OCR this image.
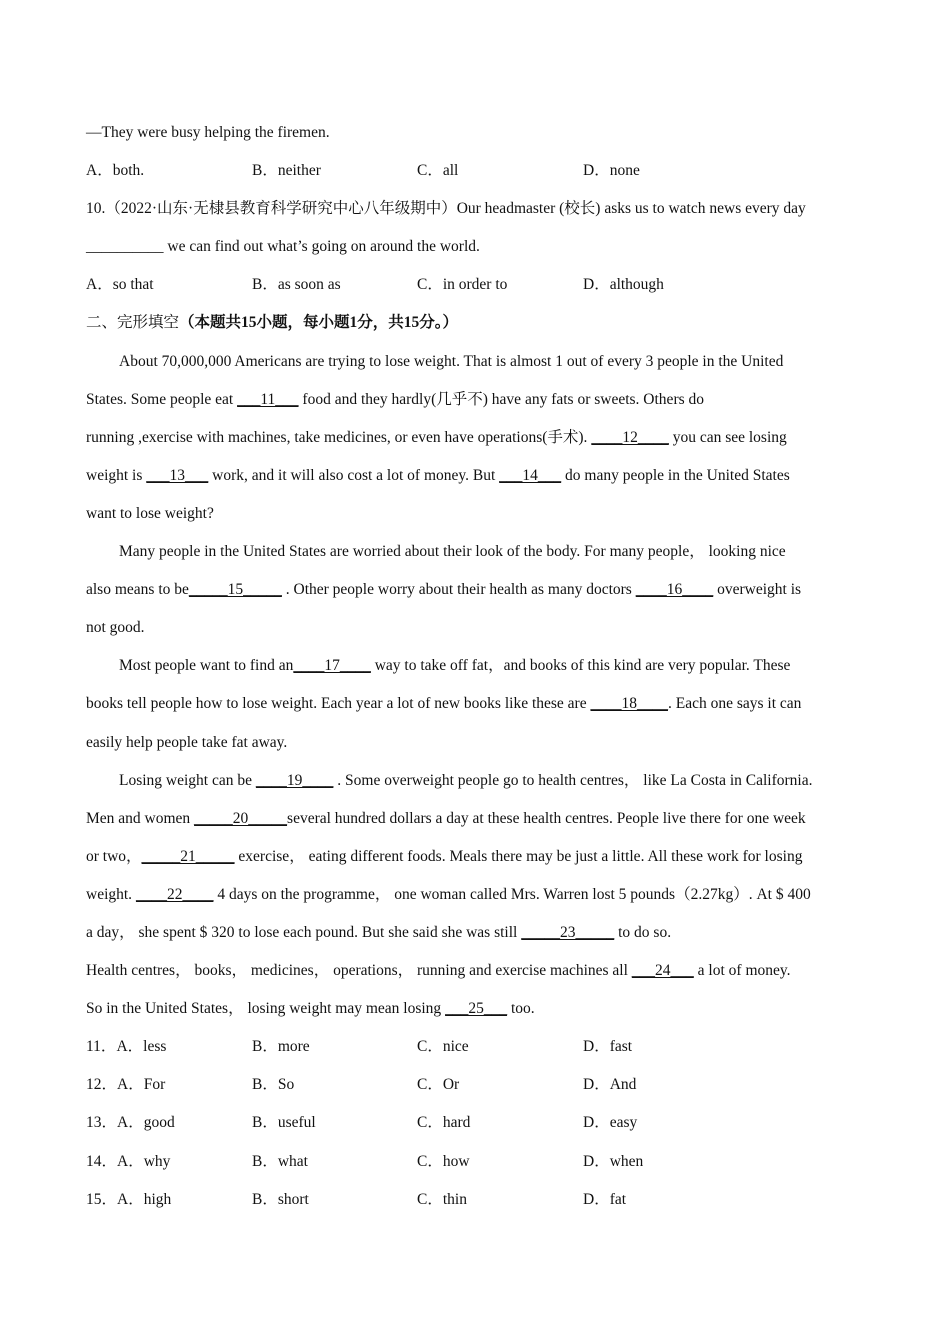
—They were busy helping the firemen.
A．both.	B．neither	C．all	D．none
10.（2022·山东·无棣县教育科学研究中心八年级期中）Our headmaster (校长) asks us to watch news every day
__________ we can find out what’s going on around the world.
A．so that	B．as soon as	C．in order to	D．although
二、完形填空（本题共15小题，每小题1分，共15分。）
About 70,000,000 Americans are trying to lose weight. That is almost 1 out of every 3 people in the United
States. Some people eat ___11___ food and they hardly(几乎不) have any fats or sweets. Others do
running ,exercise with machines, take medicines, or even have operations(手术). ____12____ you can see losing
weight is ___13___ work, and it will also cost a lot of money. But ___14___ do many people in the United States
want to lose weight?
Many people in the United States are worried about their look of the body. For many people， looking nice
also means to be_____15_____ . Other people worry about their health as many doctors ____16____ overweight is
not good.
Most people want to find an____17____ way to take off fat，and books of this kind are very popular. These
books tell people how to lose weight. Each year a lot of new books like these are ____18____. Each one says it can
easily help people take fat away.
Losing weight can be ____19____ . Some overweight people go to health centres， like La Costa in California.
Men and women _____20_____several hundred dollars a day at these health centres. People live there for one week
or two，_____21_____ exercise， eating different foods. Meals there may be just a little. All these work for losing
weight. ____22____ 4 days on the programme， one woman called Mrs. Warren lost 5 pounds（2.27kg）. At $ 400
a day， she spent $ 320 to lose each pound. But she said she was still _____23_____ to do so.
Health centres， books， medicines， operations， running and exercise machines all ___24___ a lot of money.
So in the United States， losing weight may mean losing ___25___ too.
11．A．less	B．more	C．nice	D．fast
12．A．For	B．So	C．Or	D．And
13．A．good	B．useful	C．hard	D．easy
14．A．why	B．what	C．how	D．when
15．A．high	B．short	C．thin	D．fat
